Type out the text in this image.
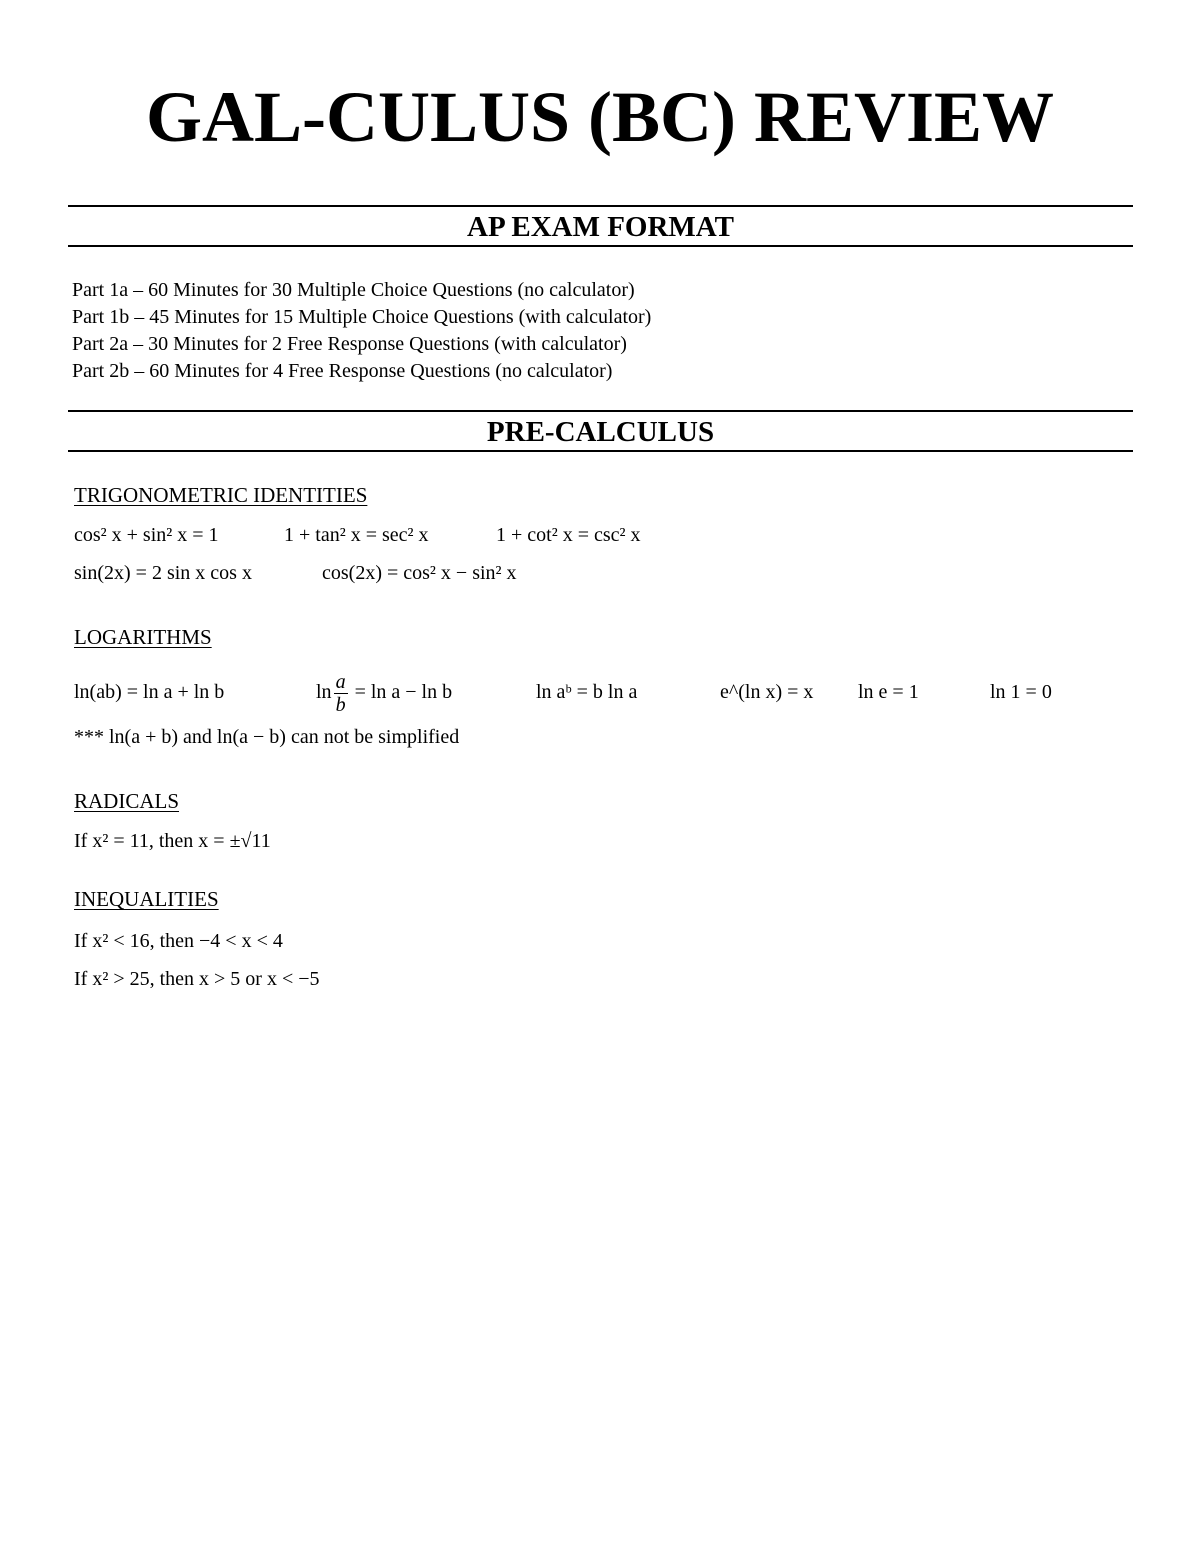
GAL-CULUS (BC) REVIEW
AP EXAM FORMAT
Part 1a – 60 Minutes for 30 Multiple Choice Questions (no calculator)
Part 1b – 45 Minutes for 15 Multiple Choice Questions (with calculator)
Part 2a – 30 Minutes for 2 Free Response Questions (with calculator)
Part 2b – 60 Minutes for 4 Free Response Questions (no calculator)
PRE-CALCULUS
TRIGONOMETRIC IDENTITIES
cos² x + sin² x = 1	1 + tan² x = sec² x	1 + cot² x = csc² x
sin(2x) = 2 sin x cos x	cos(2x) = cos² x − sin² x
LOGARITHMS
ln(ab) = ln a + ln b	$\ln \frac{a}{b} = \ln a - \ln b$	ln aᵇ = b ln a	e^(ln x) = x ln e = 1	ln 1 = 0
*** ln(a + b) and ln(a − b) can not be simplified
RADICALS
If x² = 11, then x = ±√11
INEQUALITIES
If x² < 16, then −4 < x < 4
If x² > 25, then x > 5 or x < −5
